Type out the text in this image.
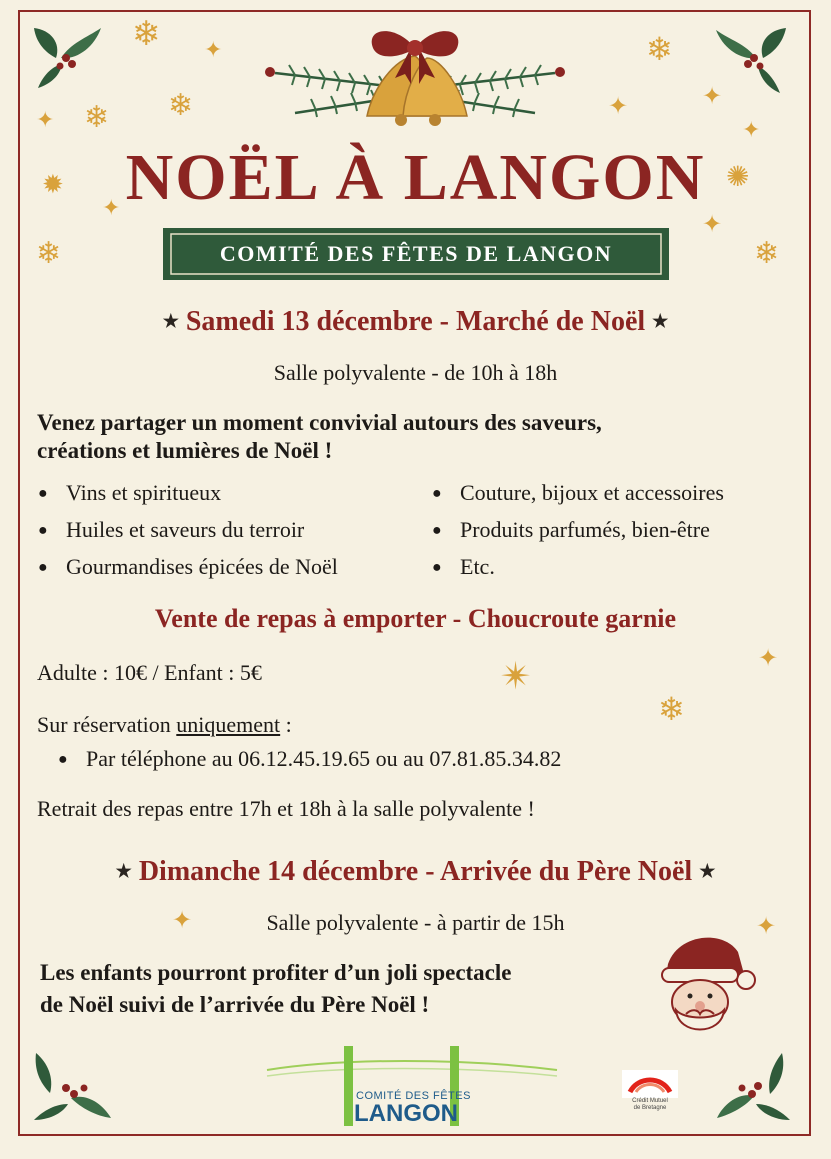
❄
❄ ❄
❄
❄
❄
❄
✺
✹
✦
✦
✦
✦	✦
✦
✦
✴	✦
✦	✦
NOËL À LANGON
COMITÉ DES FÊTES DE LANGON
★ Samedi 13 décembre - Marché de Noël ★
Salle polyvalente - de 10h à 18h
Venez partager un moment convivial autours des saveurs,
créations et lumières de Noël !
● Vins et spiritueux
● Huiles et saveurs du terroir
● Gourmandises épicées de Noël
● Couture, bijoux et accessoires
● Produits parfumés, bien-être
● Etc.
Vente de repas à emporter - Choucroute garnie
Adulte : 10€ / Enfant : 5€
Sur réservation uniquement :
● Par téléphone au 06.12.45.19.65 ou au 07.81.85.34.82
Retrait des repas entre 17h et 18h à la salle polyvalente !
★ Dimanche 14 décembre - Arrivée du Père Noël ★
Salle polyvalente - à partir de 15h
Les enfants pourront profiter d’un joli spectacle
de Noël suivi de l’arrivée du Père Noël !
COMITÉ DES FÊTES
LANGON	Crédit Mutuel
de Bretagne
